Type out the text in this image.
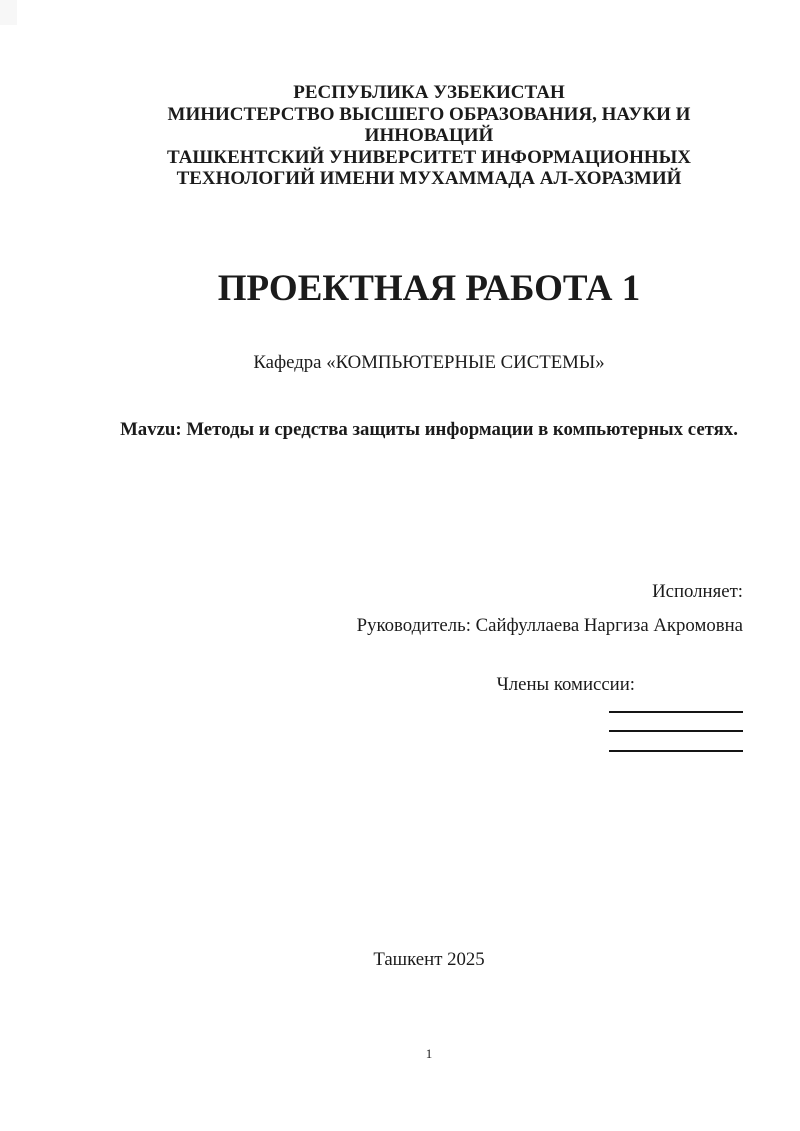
РЕСПУБЛИКА УЗБЕКИСТАН
МИНИСТЕРСТВО ВЫСШЕГО ОБРАЗОВАНИЯ, НАУКИ И
ИННОВАЦИЙ
ТАШКЕНТСКИЙ УНИВЕРСИТЕТ ИНФОРМАЦИОННЫХ
ТЕХНОЛОГИЙ ИМЕНИ МУХАММАДА АЛ-ХОРАЗМИЙ
ПРОЕКТНАЯ РАБОТА 1
Кафедра «КОМПЬЮТЕРНЫЕ СИСТЕМЫ»
Mavzu: Методы и средства защиты информации в компьютерных сетях.
Исполняет:
Руководитель: Сайфуллаева Наргиза Акромовна
Члены комиссии:
Ташкент 2025
1
